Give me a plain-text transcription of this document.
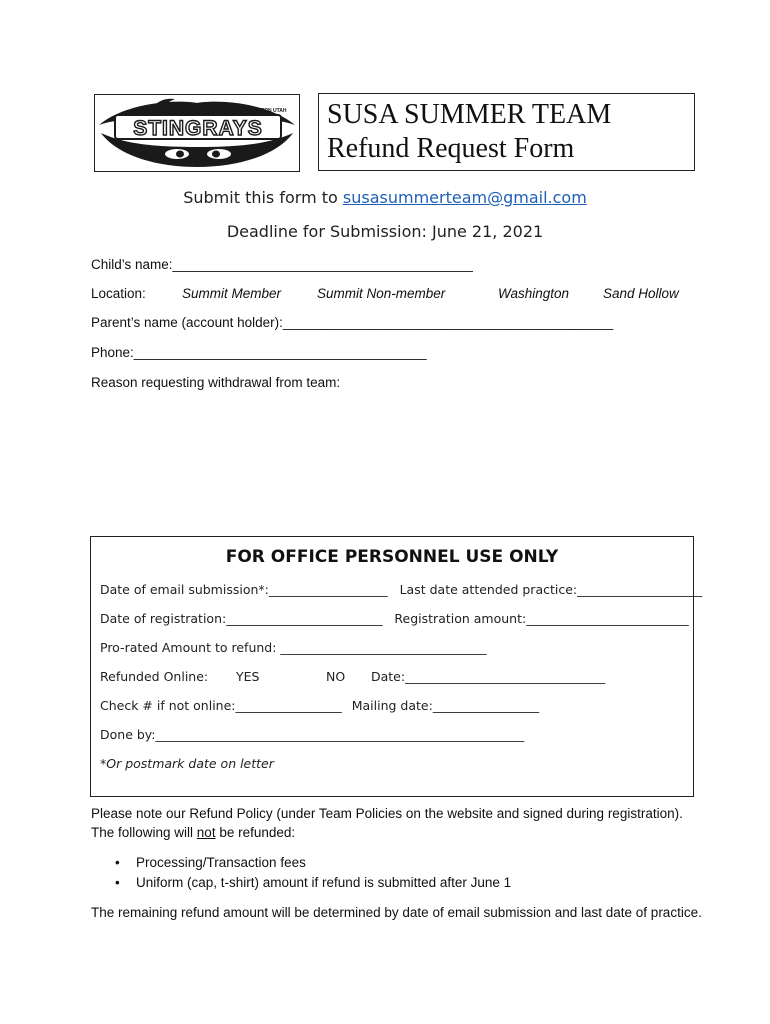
STINGRAYS
SOUTHERN UTAH SUSA SUMMER TEAM
Refund Request Form
Submit this form to susasummerteam@gmail.com
Deadline for Submission: June 21, 2021
Child’s name:________________________________________
Location:	Summit Member	Summit Non-member	Washington	Sand Hollow
Parent’s name (account holder):____________________________________________
Phone:_______________________________________
Reason requesting withdrawal from team:
FOR OFFICE PERSONNEL USE ONLY
Date of email submission*:___________________ Last date attended practice:____________________
Date of registration:_________________________ Registration amount:__________________________
Pro-rated Amount to refund: _________________________________
Refunded Online: YES	NO Date:________________________________
Check # if not online:_________________ Mailing date:_________________
Done by:___________________________________________________________
*Or postmark date on letter
Please note our Refund Policy (under Team Policies on the website and signed during registration). The following will not be refunded:
• Processing/Transaction fees
• Uniform (cap, t-shirt) amount if refund is submitted after June 1
The remaining refund amount will be determined by date of email submission and last date of practice.
